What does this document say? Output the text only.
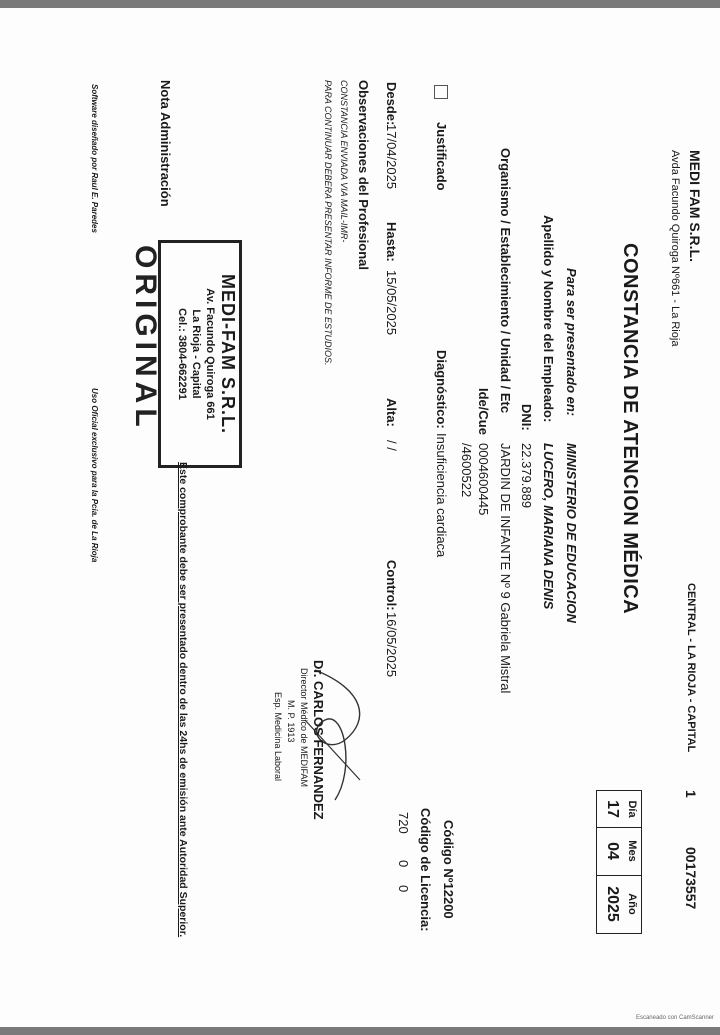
Escaneado con CamScanner
MEDI FAM S.R.L.
Avda Facundo Quiroga Nº661 - La Rioja
CENTRAL - LA RIOJA - CAPITAL
1
00173557
Día
17
Mes
04
Año
2025
CONSTANCIA DE ATENCION MÉDICA
Para ser presentado en:
MINISTERIO DE EDUCACION
Apellido y Nombre del Empleado:
LUCERO, MARIANA DENIS
DNI:
22.379.889
Organismo / Establecimiento / Unidad / Etc
JARDIN DE INFANTE Nº 9 Gabriela Mistral
Ide/Cue
0004600445
/4600522
Código Nº12200
Código de Licencia:
720
0
0
Diagnóstico:
Insuficiencia cardiaca
Justificado
Desde:
17/04/2025
Hasta:
15/05/2025
Alta:
/ /
Control:
16/05/2025
Observaciones del Profesional
CONSTANCIA ENVIADA VIA MAIL-IMR-
PARA CONTINUAR DEBERA PRESENTAR INFORME DE ESTUDIOS.
Dr. CARLOS FERNANDEZ
Director Médico de MEDIFAM
M. P. 1913
Esp. Medicina Laboral
Nota Administración
MEDI-FAM S.R.L.
Av. Facundo Quiroga 661
La Rioja - Capital
Cel.: 3804-662291
ORIGINAL
Este comprobante debe ser presentado dentro de las 24hs de emisión ante Autoridad Superior.
Software diseñado por Raul E. Paredes
Uso Oficial exclusivo para la Pcia. de La Rioja
